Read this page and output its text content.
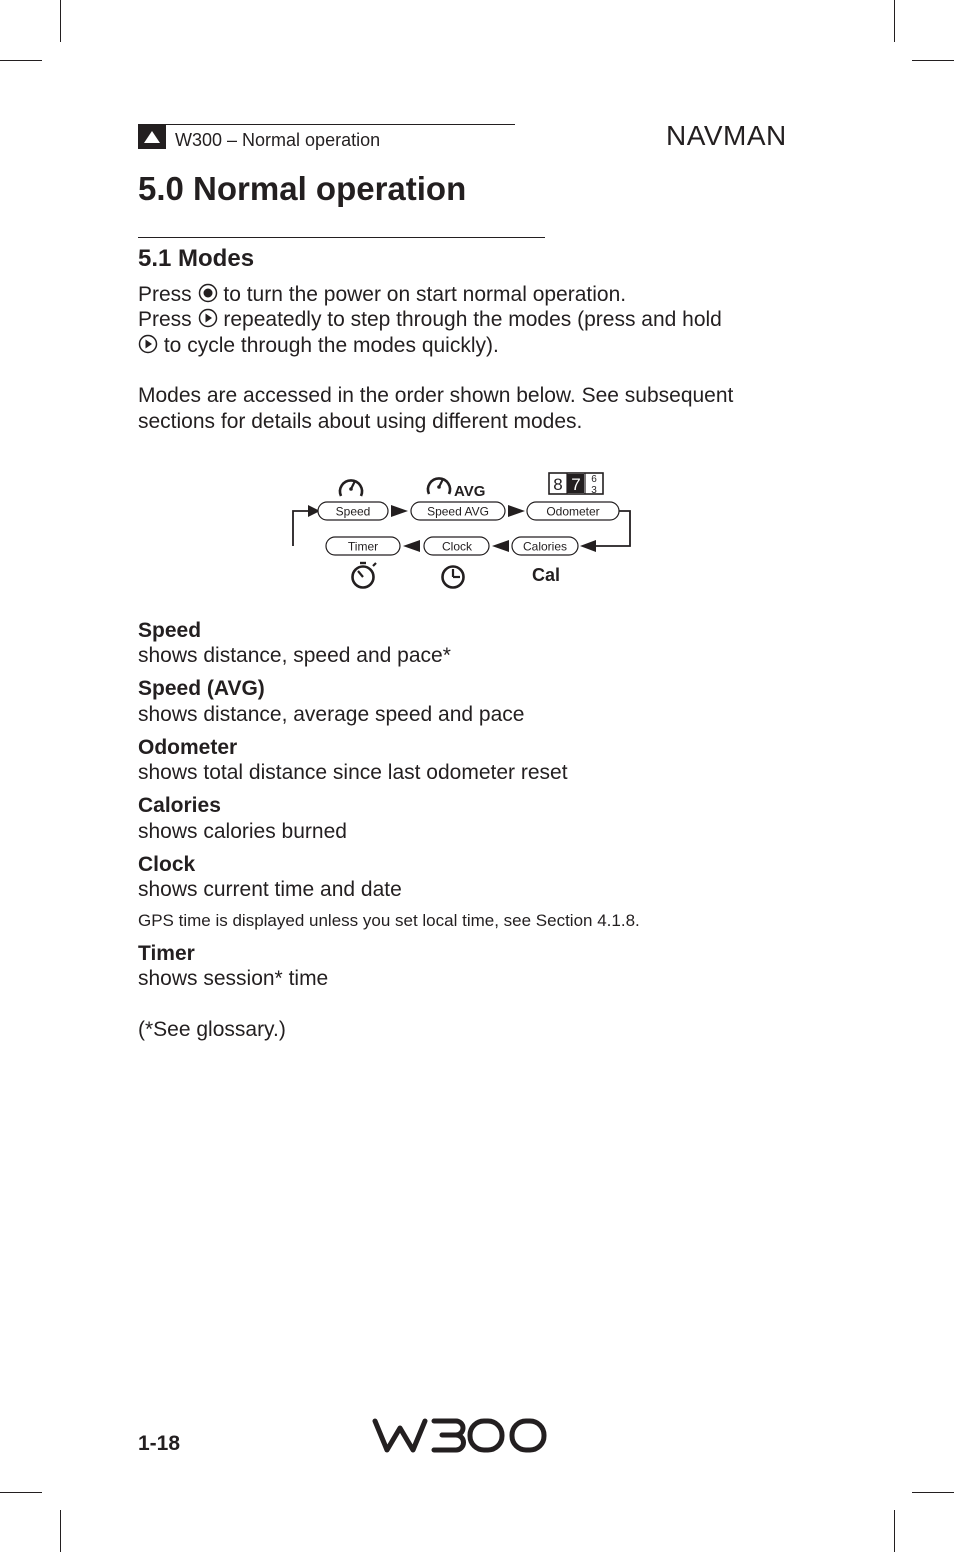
W300 – Normal operation	NAVMAN
5.0 Normal operation
5.1 Modes
Press to turn the power on start normal operation.
Press repeatedly to step through the modes (press and hold
to cycle through the modes quickly).
Modes are accessed in the order shown below. See subsequent
sections for details about using different modes.
Speed	Speed AVG	Odometer
Timer	Clock	Calories
AVG	8 7 6
3
Cal
Speed
shows distance, speed and pace*
Speed (AVG)
shows distance, average speed and pace
Odometer
shows total distance since last odometer reset
Calories
shows calories burned
Clock
shows current time and date
GPS time is displayed unless you set local time, see Section 4.1.8.
Timer
shows session* time
(*See glossary.)
1-18
